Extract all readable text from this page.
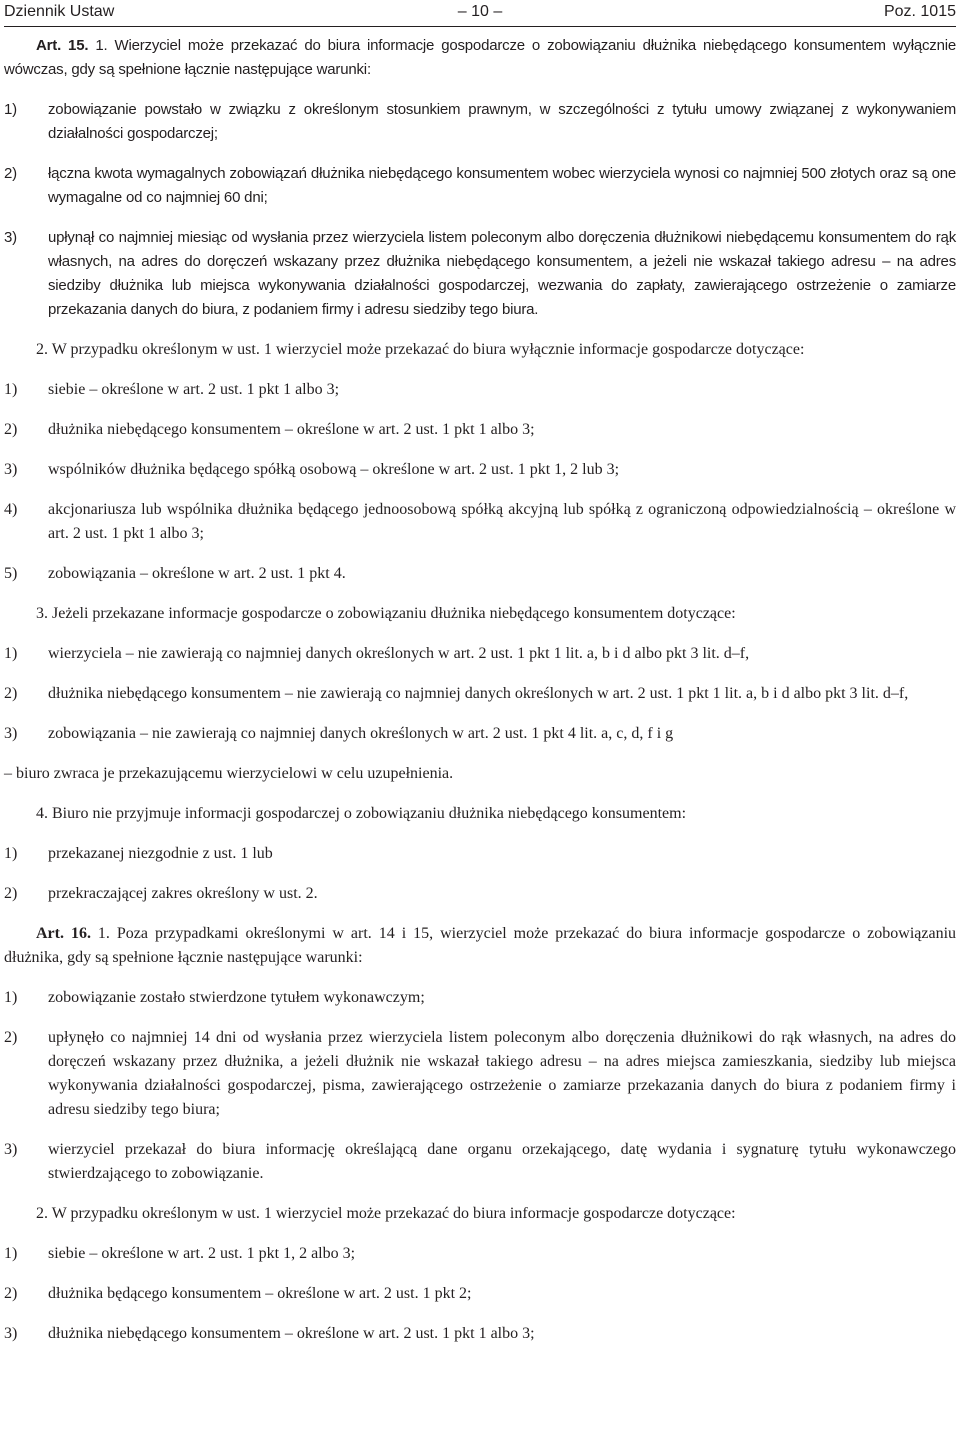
Dziennik Ustaw	– 10 –	Poz. 1015

Art. 15. 1. Wierzyciel może przekazać do biura informacje gospodarcze o zobowiązaniu dłużnika niebędącego konsumentem wyłącznie wówczas, gdy są spełnione łącznie następujące warunki:

1)	zobowiązanie powstało w związku z określonym stosunkiem prawnym, w szczególności z tytułu umowy związanej z wykonywaniem działalności gospodarczej;
2)	łączna kwota wymagalnych zobowiązań dłużnika niebędącego konsumentem wobec wierzyciela wynosi co najmniej 500 złotych oraz są one wymagalne od co najmniej 60 dni;
3)	upłynął co najmniej miesiąc od wysłania przez wierzyciela listem poleconym albo doręczenia dłużnikowi niebędącemu konsumentem do rąk własnych, na adres do doręczeń wskazany przez dłużnika niebędącego konsumentem, a jeżeli nie wskazał takiego adresu – na adres siedziby dłużnika lub miejsca wykonywania działalności gospodarczej, wezwania do zapłaty, zawierającego ostrzeżenie o zamiarze przekazania danych do biura, z podaniem firmy i adresu siedziby tego biura.

2. W przypadku określonym w ust. 1 wierzyciel może przekazać do biura wyłącznie informacje gospodarcze dotyczące:

1)	siebie – określone w art. 2 ust. 1 pkt 1 albo 3;
2)	dłużnika niebędącego konsumentem – określone w art. 2 ust. 1 pkt 1 albo 3;
3)	wspólników dłużnika będącego spółką osobową – określone w art. 2 ust. 1 pkt 1, 2 lub 3;
4)	akcjonariusza lub wspólnika dłużnika będącego jednoosobową spółką akcyjną lub spółką z ograniczoną odpowiedzialnością – określone w art. 2 ust. 1 pkt 1 albo 3;
5)	zobowiązania – określone w art. 2 ust. 1 pkt 4.

3. Jeżeli przekazane informacje gospodarcze o zobowiązaniu dłużnika niebędącego konsumentem dotyczące:

1)	wierzyciela – nie zawierają co najmniej danych określonych w art. 2 ust. 1 pkt 1 lit. a, b i d albo pkt 3 lit. d–f,
2)	dłużnika niebędącego konsumentem – nie zawierają co najmniej danych określonych w art. 2 ust. 1 pkt 1 lit. a, b i d albo pkt 3 lit. d–f,
3)	zobowiązania – nie zawierają co najmniej danych określonych w art. 2 ust. 1 pkt 4 lit. a, c, d, f i g

– biuro zwraca je przekazującemu wierzycielowi w celu uzupełnienia.

4. Biuro nie przyjmuje informacji gospodarczej o zobowiązaniu dłużnika niebędącego konsumentem:

1)	przekazanej niezgodnie z ust. 1 lub
2)	przekraczającej zakres określony w ust. 2.

Art. 16. 1. Poza przypadkami określonymi w art. 14 i 15, wierzyciel może przekazać do biura informacje gospodarcze o zobowiązaniu dłużnika, gdy są spełnione łącznie następujące warunki:

1)	zobowiązanie zostało stwierdzone tytułem wykonawczym;
2)	upłynęło co najmniej 14 dni od wysłania przez wierzyciela listem poleconym albo doręczenia dłużnikowi do rąk własnych, na adres do doręczeń wskazany przez dłużnika, a jeżeli dłużnik nie wskazał takiego adresu – na adres miejsca zamieszkania, siedziby lub miejsca wykonywania działalności gospodarczej, pisma, zawierającego ostrzeżenie o zamiarze przekazania danych do biura z podaniem firmy i adresu siedziby tego biura;
3)	wierzyciel przekazał do biura informację określającą dane organu orzekającego, datę wydania i sygnaturę tytułu wykonawczego stwierdzającego to zobowiązanie.

2. W przypadku określonym w ust. 1 wierzyciel może przekazać do biura informacje gospodarcze dotyczące:

1)	siebie – określone w art. 2 ust. 1 pkt 1, 2 albo 3;
2)	dłużnika będącego konsumentem – określone w art. 2 ust. 1 pkt 2;
3)	dłużnika niebędącego konsumentem – określone w art. 2 ust. 1 pkt 1 albo 3;
